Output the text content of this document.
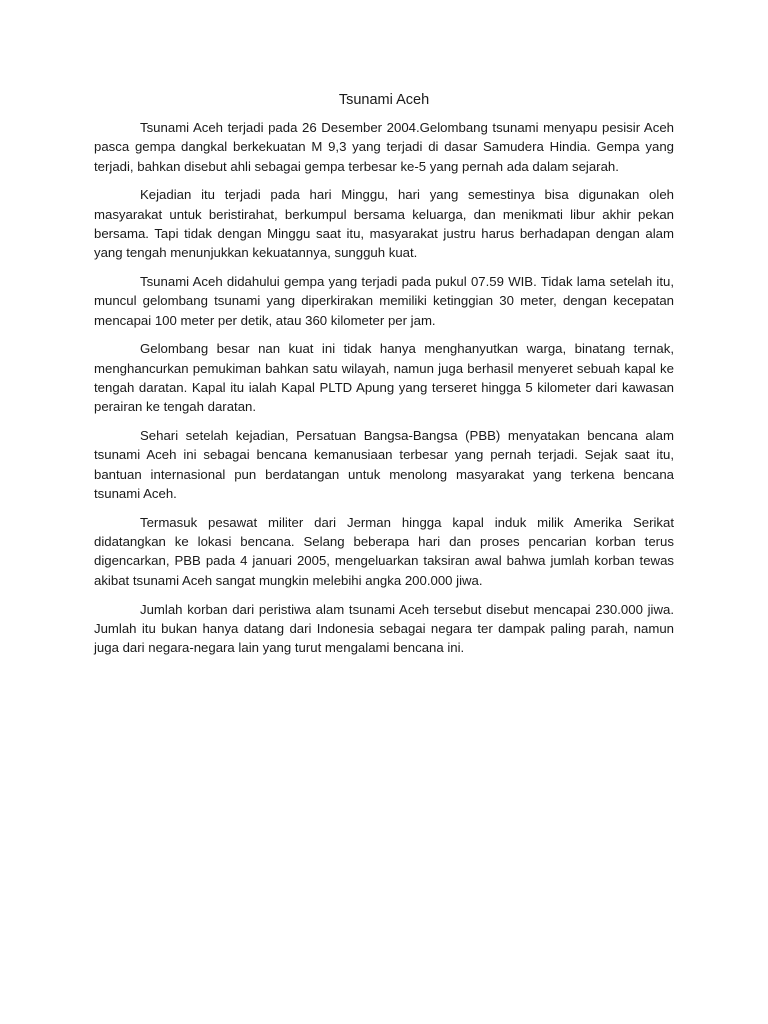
Tsunami Aceh

Tsunami Aceh terjadi pada 26 Desember 2004.Gelombang tsunami menyapu pesisir Aceh pasca gempa dangkal berkekuatan M 9,3 yang terjadi di dasar Samudera Hindia. Gempa yang terjadi, bahkan disebut ahli sebagai gempa terbesar ke-5 yang pernah ada dalam sejarah.

Kejadian itu terjadi pada hari Minggu, hari yang semestinya bisa digunakan oleh masyarakat untuk beristirahat, berkumpul bersama keluarga, dan menikmati libur akhir pekan bersama. Tapi tidak dengan Minggu saat itu, masyarakat justru harus berhadapan dengan alam yang tengah menunjukkan kekuatannya, sungguh kuat.

Tsunami Aceh didahului gempa yang terjadi pada pukul 07.59 WIB. Tidak lama setelah itu, muncul gelombang tsunami yang diperkirakan memiliki ketinggian 30 meter, dengan kecepatan mencapai 100 meter per detik, atau 360 kilometer per jam.

Gelombang besar nan kuat ini tidak hanya menghanyutkan warga, binatang ternak, menghancurkan pemukiman bahkan satu wilayah, namun juga berhasil menyeret sebuah kapal ke tengah daratan. Kapal itu ialah Kapal PLTD Apung yang terseret hingga 5 kilometer dari kawasan perairan ke tengah daratan.

Sehari setelah kejadian, Persatuan Bangsa-Bangsa (PBB) menyatakan bencana alam tsunami Aceh ini sebagai bencana kemanusiaan terbesar yang pernah terjadi. Sejak saat itu, bantuan internasional pun berdatangan untuk menolong masyarakat yang terkena bencana tsunami Aceh.

Termasuk pesawat militer dari Jerman hingga kapal induk milik Amerika Serikat didatangkan ke lokasi bencana. Selang beberapa hari dan proses pencarian korban terus digencarkan, PBB pada 4 januari 2005, mengeluarkan taksiran awal bahwa jumlah korban tewas akibat tsunami Aceh sangat mungkin melebihi angka 200.000 jiwa.

Jumlah korban dari peristiwa alam tsunami Aceh tersebut disebut mencapai 230.000 jiwa. Jumlah itu bukan hanya datang dari Indonesia sebagai negara ter dampak paling parah, namun juga dari negara-negara lain yang turut mengalami bencana ini.
